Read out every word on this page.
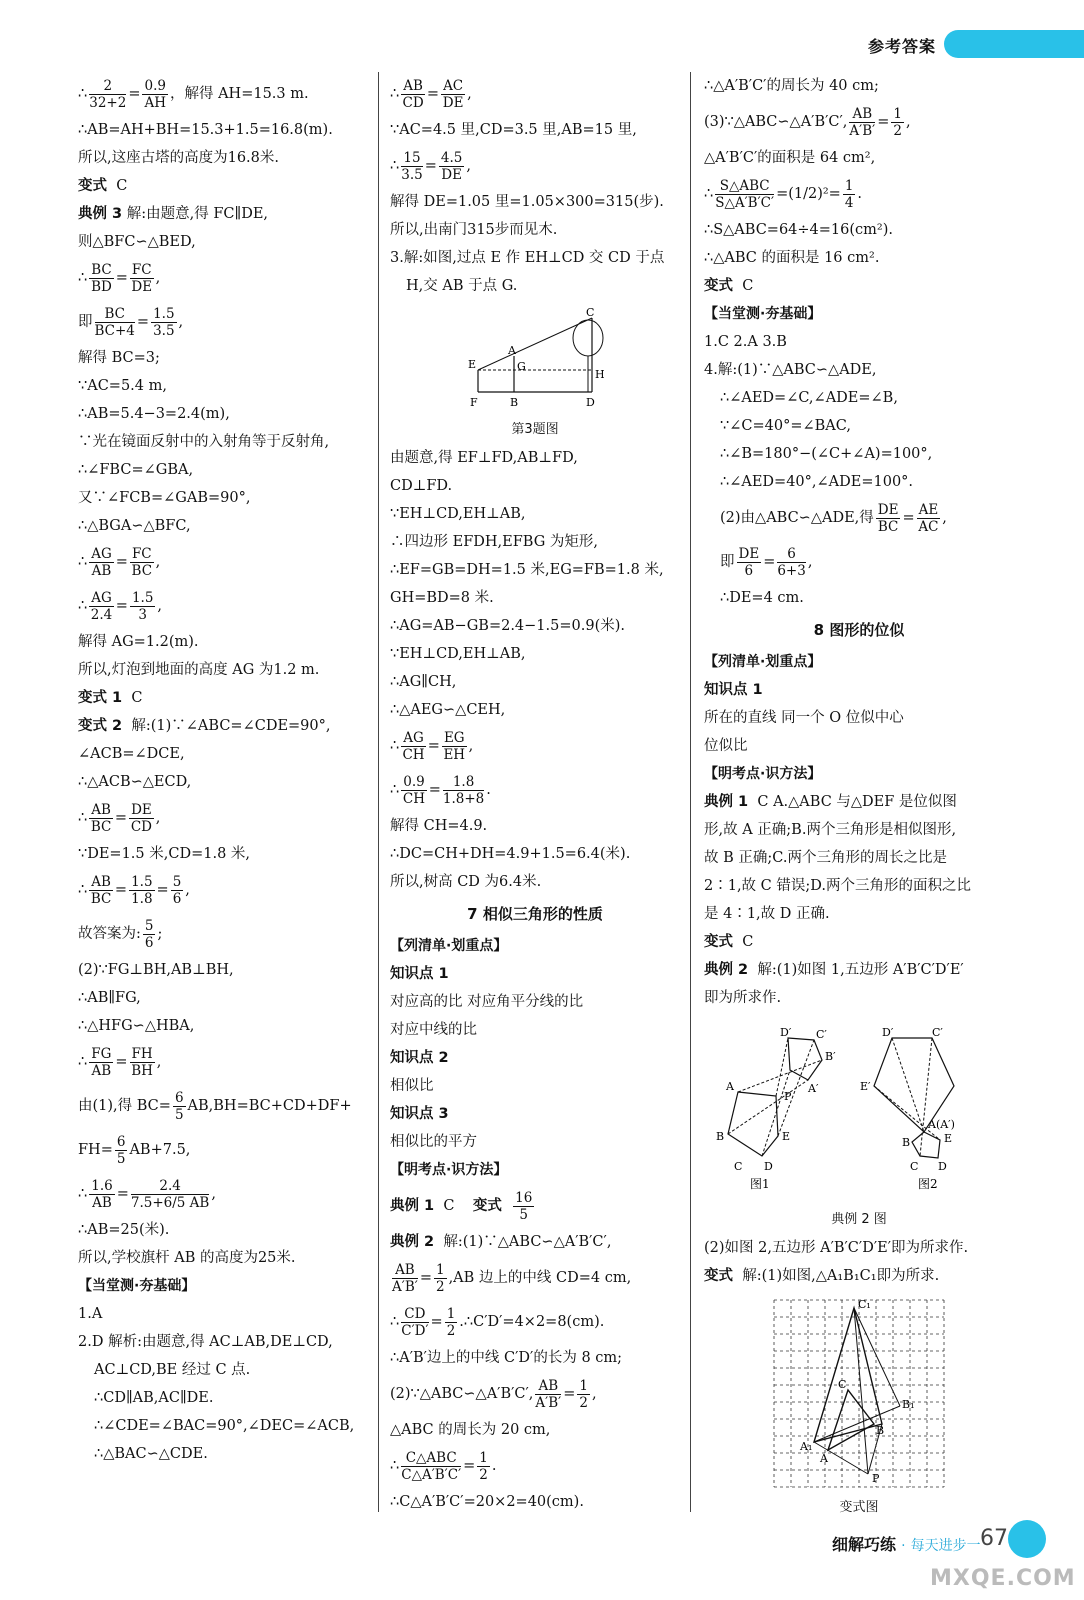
参考答案
∴ $\frac{2}{32+2} = \frac{0.9}{AH}$ ，解得 AH=15.3 m.
∴AB=AH+BH=15.3+1.5=16.8(m).
所以,这座古塔的高度为16.8米.
变式 C
典例 3 解:由题意,得 FC∥DE,
则△BFC∽△BED,
∴ $\frac{BC}{BD} = \frac{FC}{DE}$ ,
即 $\frac{BC}{BC+4} = \frac{1.5}{3.5}$ ,
解得 BC=3;
∵AC=5.4 m,
∴AB=5.4−3=2.4(m),
∵光在镜面反射中的入射角等于反射角,
∴∠FBC=∠GBA,
又∵∠FCB=∠GAB=90°,
∴△BGA∽△BFC,
∴ $\frac{AG}{AB} = \frac{FC}{BC}$ ,
∴ $\frac{AG}{2.4} = \frac{1.5}{3}$ ,
解得 AG=1.2(m).
所以,灯泡到地面的高度 AG 为1.2 m.
变式 1 C
变式 2 解:(1)∵∠ABC=∠CDE=90°,
∠ACB=∠DCE,
∴△ACB∽△ECD,
∴ $\frac{AB}{BC} = \frac{DE}{CD}$ ,
∵DE=1.5 米,CD=1.8 米,
∴ $\frac{AB}{BC} = \frac{1.5}{1.8} = \frac{5}{6}$ ,
故答案为: $\frac{5}{6}$ ;
(2)∵FG⊥BH,AB⊥BH,
∴AB∥FG,
∴△HFG∽△HBA,
∴ $\frac{FG}{AB} = \frac{FH}{BH}$ ,
由(1),得 $BC= \frac{6}{5} AB,BH=BC+CD+DF+$
$FH= \frac{6}{5} AB+7.5$,
∴ $\frac{1.6}{AB} = \frac{2.4}{7.5+6/5 AB}$ ,
∴AB=25(米).
所以,学校旗杆 AB 的高度为25米.
【当堂测·夯基础】
1.A
2.D 解析:由题意,得 AC⊥AB,DE⊥CD,
AC⊥CD,BE 经过 C 点.
∴CD∥AB,AC∥DE.
∴∠CDE=∠BAC=90°,∠DEC=∠ACB,
∴△BAC∽△CDE.
∴ $\frac{AB}{CD} = \frac{AC}{DE}$ ,
∵AC=4.5 里,CD=3.5 里,AB=15 里,
∴ $\frac{15}{3.5} = \frac{4.5}{DE}$ ,
解得 DE=1.05 里=1.05×300=315(步).
所以,出南门315步而见木.
3.解:如图,过点 E 作 EH⊥CD 交 CD 于点
H,交 AB 于点 G.
E
F
A
B
G
C
D
H
第3题图
由题意,得 EF⊥FD,AB⊥FD,
CD⊥FD.
∵EH⊥CD,EH⊥AB,
∴四边形 EFDH,EFBG 为矩形,
∴EF=GB=DH=1.5 米,EG=FB=1.8 米,
GH=BD=8 米.
∴AG=AB−GB=2.4−1.5=0.9(米).
∵EH⊥CD,EH⊥AB,
∴AG∥CH,
∴△AEG∽△CEH,
∴ $\frac{AG}{CH} = \frac{EG}{EH}$ ,
∴ $\frac{0.9}{CH} = \frac{1.8}{1.8+8}$ .
解得 CH=4.9.
∴DC=CH+DH=4.9+1.5=6.4(米).
所以,树高 CD 为6.4米.
7 相似三角形的性质
【列清单·划重点】
知识点 1
对应高的比 对应角平分线的比
对应中线的比
知识点 2
相似比
知识点 3
相似比的平方
【明考点·识方法】
典例 1 C 变式 $\frac{16}{5}$
典例 2 解:(1)∵△ABC∽△A′B′C′,
$\frac{AB}{A'B'} = \frac{1}{2} ,AB$ 边上的中线 CD=4 cm,
∴ $\frac{CD}{C'D'} = \frac{1}{2}$ .∴C′D′=4×2=8(cm).
∴A′B′边上的中线 C′D′的长为 8 cm;
(2)∵△ABC∽△A′B′C′, $\frac{AB}{A'B'} = \frac{1}{2}$ ,
△ABC 的周长为 20 cm,
∴ $\frac{\text{C△ABC}}{C\triangle A'B'C'} = \frac{1}{2}$ .
∴C△A′B′C′=20×2=40(cm).
∴△A′B′C′的周长为 40 cm;
(3)∵△ABC∽△A′B′C′, $\frac{AB}{A'B'} = \frac{1}{2}$ ,
△A′B′C′的面积是 64 cm²,
∴ $\frac{\text{S△ABC}}{S\triangle A'B'C'} =(1/2)^2= \frac{1}{4}$ .
∴S△ABC=64÷4=16(cm²).
∴△ABC 的面积是 16 cm².
变式 C
【当堂测·夯基础】
1.C 2.A 3.B
4.解:(1)∵△ABC∽△ADE,
∴∠AED=∠C,∠ADE=∠B,
∵∠C=40°=∠BAC,
∴∠B=180°−(∠C+∠A)=100°,
∴∠AED=40°,∠ADE=100°.
(2)由△ABC∽△ADE,得 $\frac{DE}{BC} = \frac{AE}{AC}$ ,
即 $\frac{DE}{6} = \frac{6}{6+3}$ ,
∴DE=4 cm.
8 图形的位似
【列清单·划重点】
知识点 1
所在的直线 同一个 O 位似中心
位似比
【明考点·识方法】
典例 1 C A.△ABC 与△DEF 是位似图
形,故 A 正确;B.两个三角形是相似图形,
故 B 正确;C.两个三角形的周长之比是
2∶1,故 C 错误;D.两个三角形的面积之比
是 4∶1,故 D 正确.
变式 C
典例 2 解:(1)如图 1,五边形 A′B′C′D′E′
即为所求作.
D′ C′
B′
A′
A
P
B	E
C D
图1
D′	C′
E′
A(A′)
B	E
C D
图2
典例 2 图
(2)如图 2,五边形 A′B′C′D′E′即为所求作.
变式 解:(1)如图,△A₁B₁C₁即为所求.
C₁
C
B₁
B
A₁
A
P
变式图
细解巧练 · 每天进步一 67
MXQE.COM
